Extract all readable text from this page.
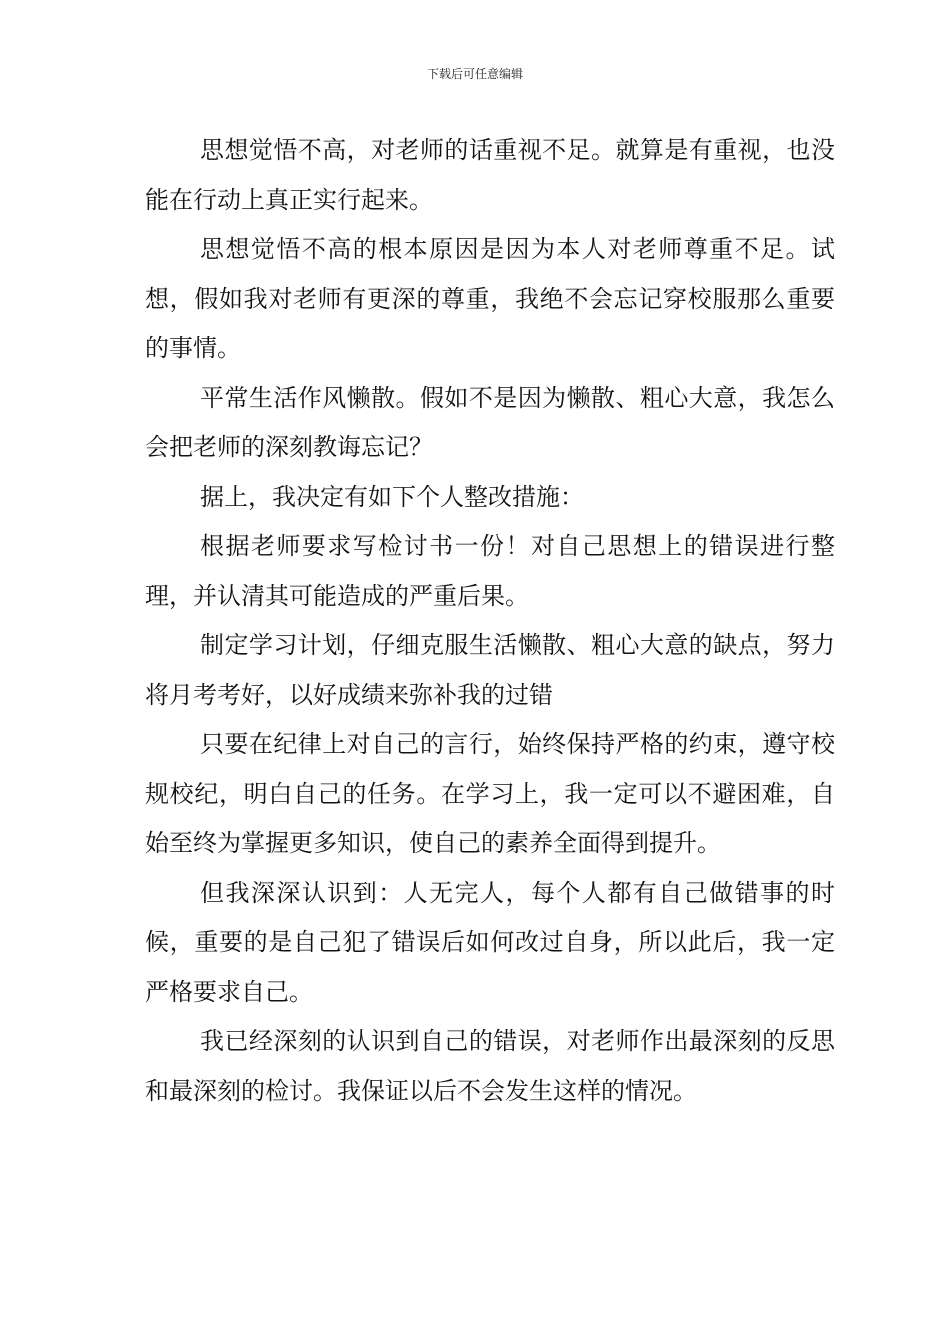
下载后可任意编辑

思想觉悟不高，对老师的话重视不足。就算是有重视，也没能在行动上真正实行起来。

思想觉悟不高的根本原因是因为本人对老师尊重不足。试想，假如我对老师有更深的尊重，我绝不会忘记穿校服那么重要的事情。

平常生活作风懒散。假如不是因为懒散、粗心大意，我怎么会把老师的深刻教诲忘记？

据上，我决定有如下个人整改措施：

根据老师要求写检讨书一份！对自己思想上的错误进行整理，并认清其可能造成的严重后果。

制定学习计划，仔细克服生活懒散、粗心大意的缺点，努力将月考考好，以好成绩来弥补我的过错

只要在纪律上对自己的言行，始终保持严格的约束，遵守校规校纪，明白自己的任务。在学习上，我一定可以不避困难，自始至终为掌握更多知识，使自己的素养全面得到提升。

但我深深认识到：人无完人，每个人都有自己做错事的时候，重要的是自己犯了错误后如何改过自身，所以此后，我一定严格要求自己。

我已经深刻的认识到自己的错误，对老师作出最深刻的反思和最深刻的检讨。我保证以后不会发生这样的情况。
